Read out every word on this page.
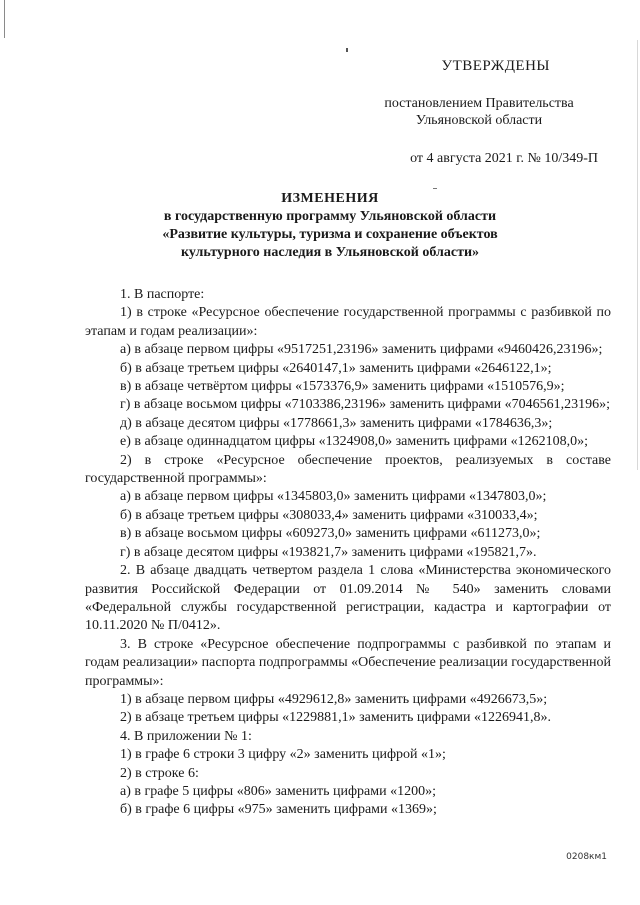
УТВЕРЖДЕНЫ
постановлением Правительства
Ульяновской области
от 4 августа 2021 г. № 10/349-П
ИЗМЕНЕНИЯ
в государственную программу Ульяновской области
«Развитие культуры, туризма и сохранение объектов
культурного наследия в Ульяновской области»

1. В паспорте:

1) в строке «Ресурсное обеспечение государственной программы с разбивкой по этапам и годам реализации»:

а) в абзаце первом цифры «9517251,23196» заменить цифрами «9460426,23196»;

б) в абзаце третьем цифры «2640147,1» заменить цифрами «2646122,1»;

в) в абзаце четвёртом цифры «1573376,9» заменить цифрами «1510576,9»;

г) в абзаце восьмом цифры «7103386,23196» заменить цифрами «7046561,23196»;

д) в абзаце десятом цифры «1778661,3» заменить цифрами «1784636,3»;

е) в абзаце одиннадцатом цифры «1324908,0» заменить цифрами «1262108,0»;

2) в строке «Ресурсное обеспечение проектов, реализуемых в составе государственной программы»:

а) в абзаце первом цифры «1345803,0» заменить цифрами «1347803,0»;

б) в абзаце третьем цифры «308033,4» заменить цифрами «310033,4»;

в) в абзаце восьмом цифры «609273,0» заменить цифрами «611273,0»;

г) в абзаце десятом цифры «193821,7» заменить цифрами «195821,7».

2. В абзаце двадцать четвертом раздела 1 слова «Министерства экономического развития Российской Федерации от 01.09.2014 № 540» заменить словами «Федеральной службы государственной регистрации, кадастра и картографии от 10.11.2020 № П/0412».

3. В строке «Ресурсное обеспечение подпрограммы с разбивкой по этапам и годам реализации» паспорта подпрограммы «Обеспечение реализации государственной программы»:

1) в абзаце первом цифры «4929612,8» заменить цифрами «4926673,5»;

2) в абзаце третьем цифры «1229881,1» заменить цифрами «1226941,8».

4. В приложении № 1:

1) в графе 6 строки 3 цифру «2» заменить цифрой «1»;

2) в строке 6:

а) в графе 5 цифры «806» заменить цифрами «1200»;

б) в графе 6 цифры «975» заменить цифрами «1369»;

0208км1
